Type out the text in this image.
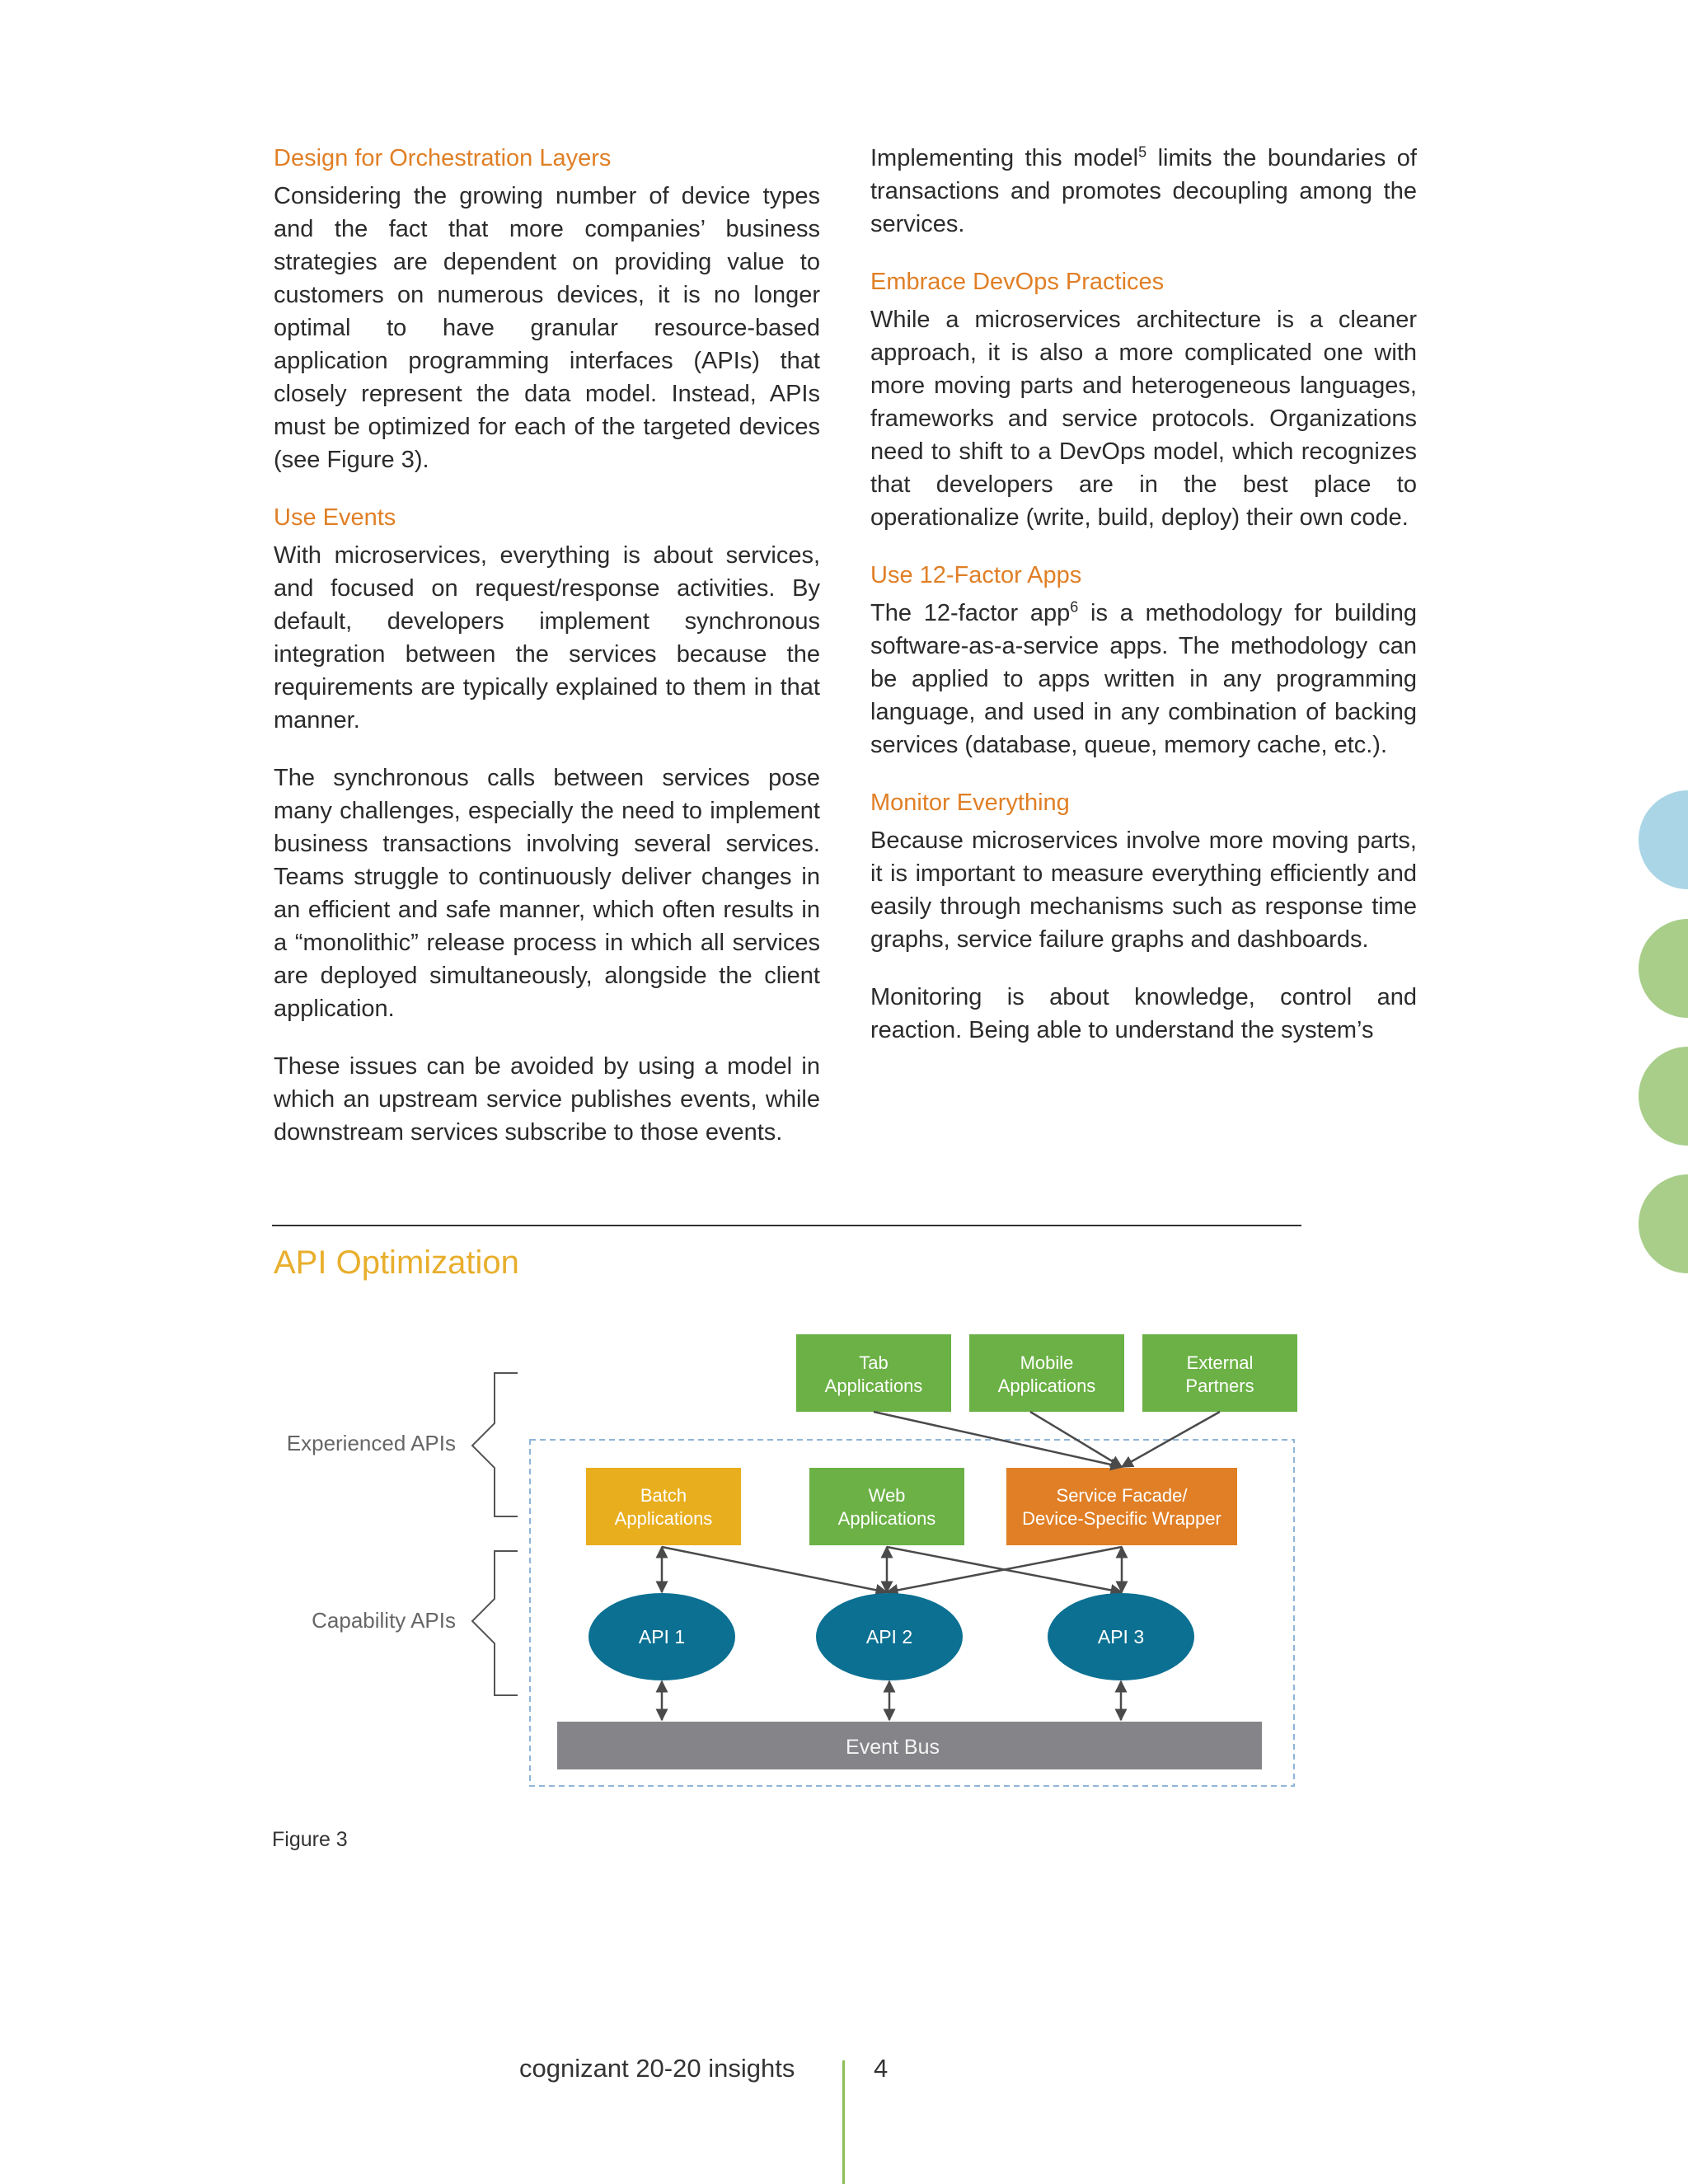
Design for Orchestration Layers

Considering the growing number of device types and the fact that more companies’ business strategies are dependent on providing value to customers on numerous devices, it is no longer optimal to have granular resource-based application programming interfaces (APIs) that closely represent the data model. Instead, APIs must be optimized for each of the targeted devices (see Figure 3).

Use Events

With microservices, everything is about services, and focused on request/response activities. By default, developers implement synchronous integration between the services because the requirements are typically explained to them in that manner.

The synchronous calls between services pose many challenges, especially the need to implement business transactions involving several services. Teams struggle to continuously deliver changes in an efficient and safe manner, which often results in a “monolithic” release process in which all services are deployed simultaneously, alongside the client application.

These issues can be avoided by using a model in which an upstream service publishes events, while downstream services subscribe to those events.

Implementing this model$^5$ limits the boundaries of transactions and promotes decoupling among the services.

Embrace DevOps Practices

While a microservices architecture is a cleaner approach, it is also a more complicated one with more moving parts and heterogeneous languages, frameworks and service protocols. Organizations need to shift to a DevOps model, which recognizes that developers are in the best place to operationalize (write, build, deploy) their own code.

Use 12-Factor Apps

The 12-factor app$^6$ is a methodology for building software-as-a-service apps. The methodology can be applied to apps written in any programming language, and used in any combination of backing services (database, queue, memory cache, etc.).

Monitor Everything

Because microservices involve more moving parts, it is important to measure everything efficiently and easily through mechanisms such as response time graphs, service failure graphs and dashboards.

Monitoring is about knowledge, control and reaction. Being able to understand the system’s

API Optimization
Experienced APIs
Capability APIs
Tab
Applications
Mobile
Applications
External
Partners
Batch
Applications
Web
Applications
Service Facade/
Device-Specific Wrapper
API 1	API 2	API 3
Event Bus
Figure 3
cognizant 20-20 insights	4
